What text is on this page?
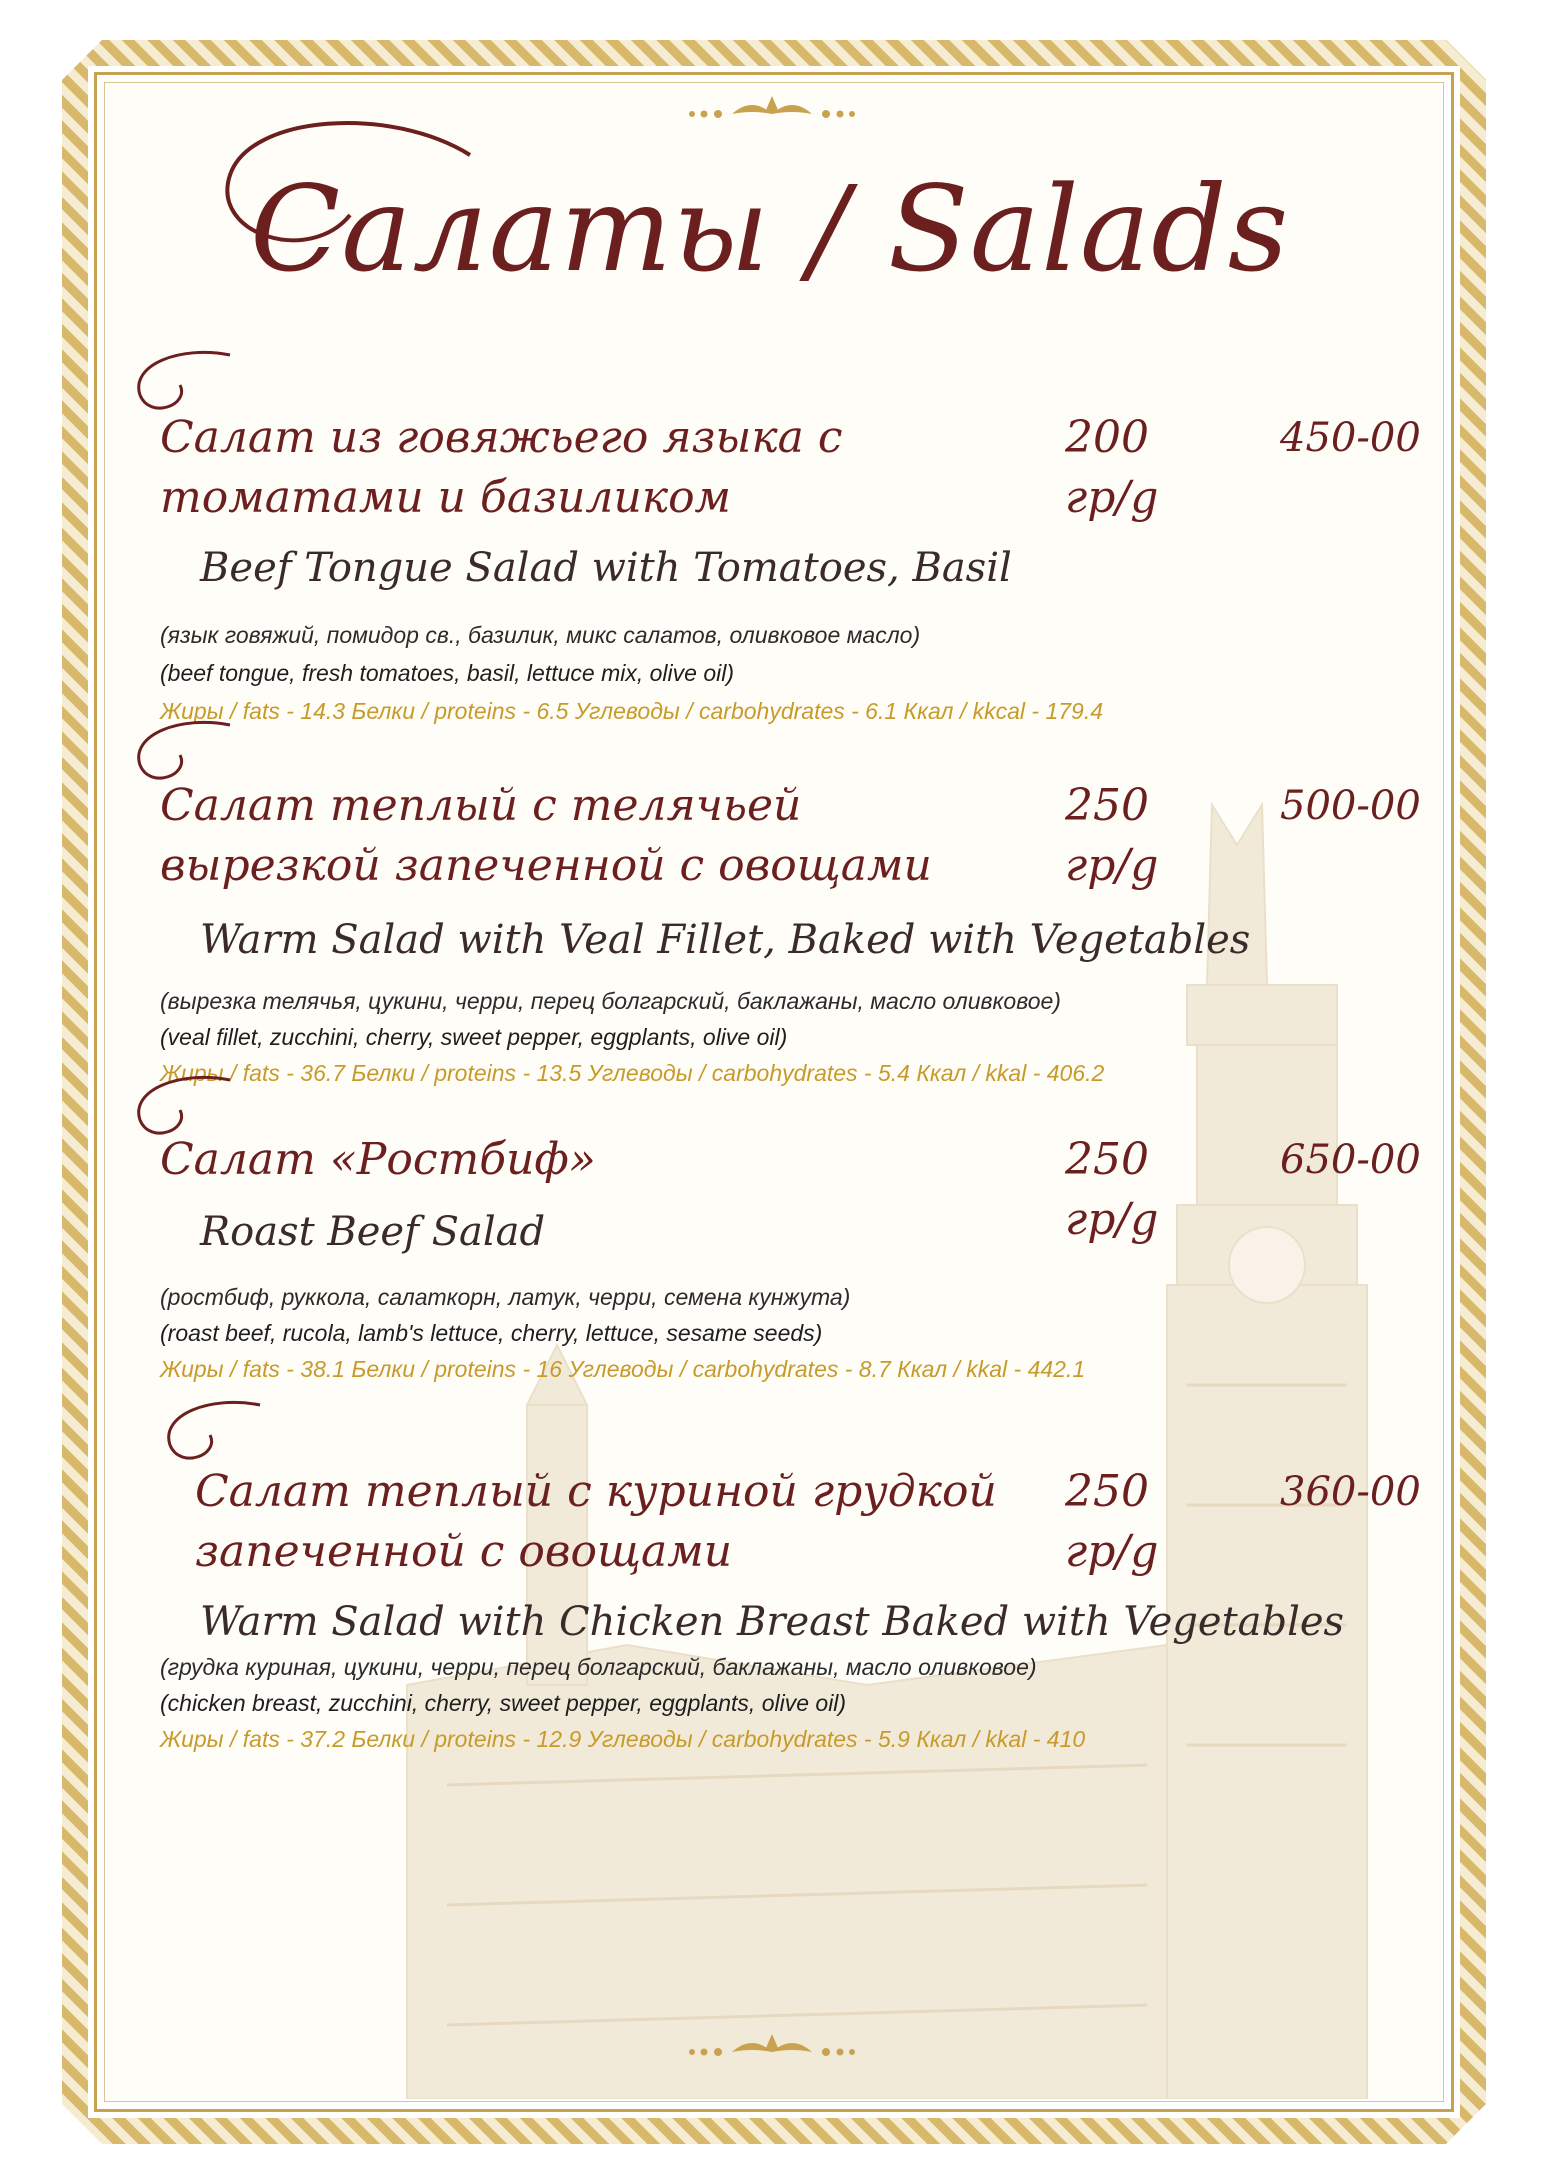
Салаты / Salads
Салат из говяжьего языка с томатами и базиликом
200 гр/g
450-00
Beef Tongue Salad with Tomatoes, Basil
(язык говяжий, помидор св., базилик, микс салатов, оливковое масло)
(beef tongue, fresh tomatoes, basil, lettuce mix, olive oil)
Жиры / fats - 14.3 Белки / proteins - 6.5 Углеводы / carbohydrates - 6.1 Ккал / kkcal - 179.4
Салат теплый с телячьей вырезкой запеченной с овощами
250 гр/g
500-00
Warm Salad with Veal Fillet, Baked with Vegetables
(вырезка телячья, цукини, черри, перец болгарский, баклажаны, масло оливковое)
(veal fillet, zucchini, cherry, sweet pepper, eggplants, olive oil)
Жиры / fats - 36.7 Белки / proteins - 13.5 Углеводы / carbohydrates - 5.4 Ккал / kkal - 406.2
Салат «Ростбиф»	250 гр/g
650-00
Roast Beef Salad
(ростбиф, руккола, салаткорн, латук, черри, семена кунжута)
(roast beef, rucola, lamb's lettuce, cherry, lettuce, sesame seeds)
Жиры / fats - 38.1 Белки / proteins - 16 Углеводы / carbohydrates - 8.7 Ккал / kkal - 442.1
Салат теплый с куриной грудкой запеченной с овощами
250 гр/g
360-00
Warm Salad with Chicken Breast Baked with Vegetables
(грудка куриная, цукини, черри, перец болгарский, баклажаны, масло оливковое)
(chicken breast, zucchini, cherry, sweet pepper, eggplants, olive oil)
Жиры / fats - 37.2 Белки / proteins - 12.9 Углеводы / carbohydrates - 5.9 Ккал / kkal - 410
